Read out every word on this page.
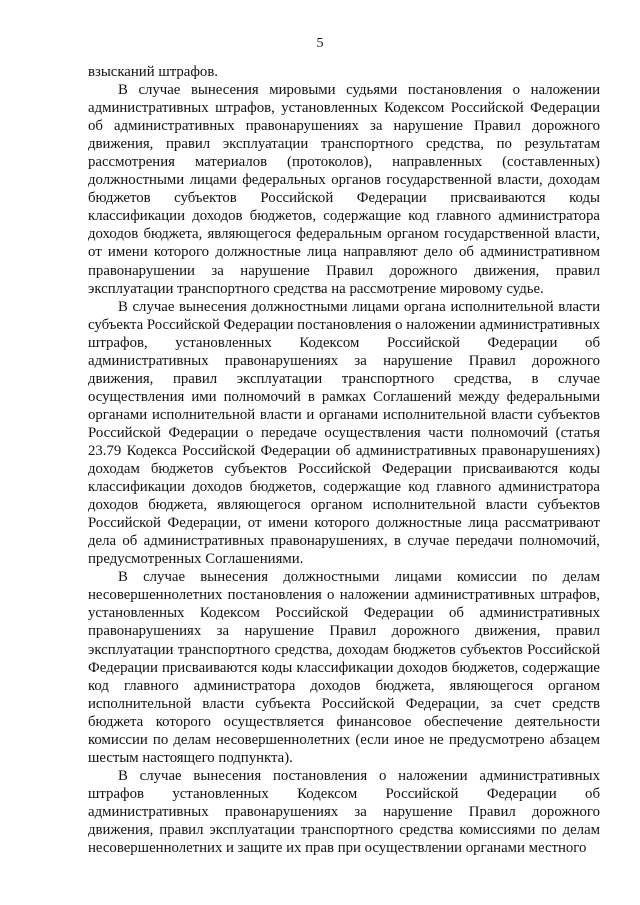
5

взысканий штрафов.

В случае вынесения мировыми судьями постановления о наложении административных штрафов, установленных Кодексом Российской Федерации об административных правонарушениях за нарушение Правил дорожного движения, правил эксплуатации транспортного средства, по результатам рассмотрения материалов (протоколов), направленных (составленных) должностными лицами федеральных органов государственной власти, доходам бюджетов субъектов Российской Федерации присваиваются коды классификации доходов бюджетов, содержащие код главного администратора доходов бюджета, являющегося федеральным органом государственной власти, от имени которого должностные лица направляют дело об административном правонарушении за нарушение Правил дорожного движения, правил эксплуатации транспортного средства на рассмотрение мировому судье.

В случае вынесения должностными лицами органа исполнительной власти субъекта Российской Федерации постановления о наложении административных штрафов, установленных Кодексом Российской Федерации об административных правонарушениях за нарушение Правил дорожного движения, правил эксплуатации транспортного средства, в случае осуществления ими полномочий в рамках Соглашений между федеральными органами исполнительной власти и органами исполнительной власти субъектов Российской Федерации о передаче осуществления части полномочий (статья 23.79 Кодекса Российской Федерации об административных правонарушениях) доходам бюджетов субъектов Российской Федерации присваиваются коды классификации доходов бюджетов, содержащие код главного администратора доходов бюджета, являющегося органом исполнительной власти субъектов Российской Федерации, от имени которого должностные лица рассматривают дела об административных правонарушениях, в случае передачи полномочий, предусмотренных Соглашениями.

В случае вынесения должностными лицами комиссии по делам несовершеннолетних постановления о наложении административных штрафов, установленных Кодексом Российской Федерации об административных правонарушениях за нарушение Правил дорожного движения, правил эксплуатации транспортного средства, доходам бюджетов субъектов Российской Федерации присваиваются коды классификации доходов бюджетов, содержащие код главного администратора доходов бюджета, являющегося органом исполнительной власти субъекта Российской Федерации, за счет средств бюджета которого осуществляется финансовое обеспечение деятельности комиссии по делам несовершеннолетних (если иное не предусмотрено абзацем шестым настоящего подпункта).

В случае вынесения постановления о наложении административных штрафов установленных Кодексом Российской Федерации об административных правонарушениях за нарушение Правил дорожного движения, правил эксплуатации транспортного средства комиссиями по делам несовершеннолетних и защите их прав при осуществлении органами местного
